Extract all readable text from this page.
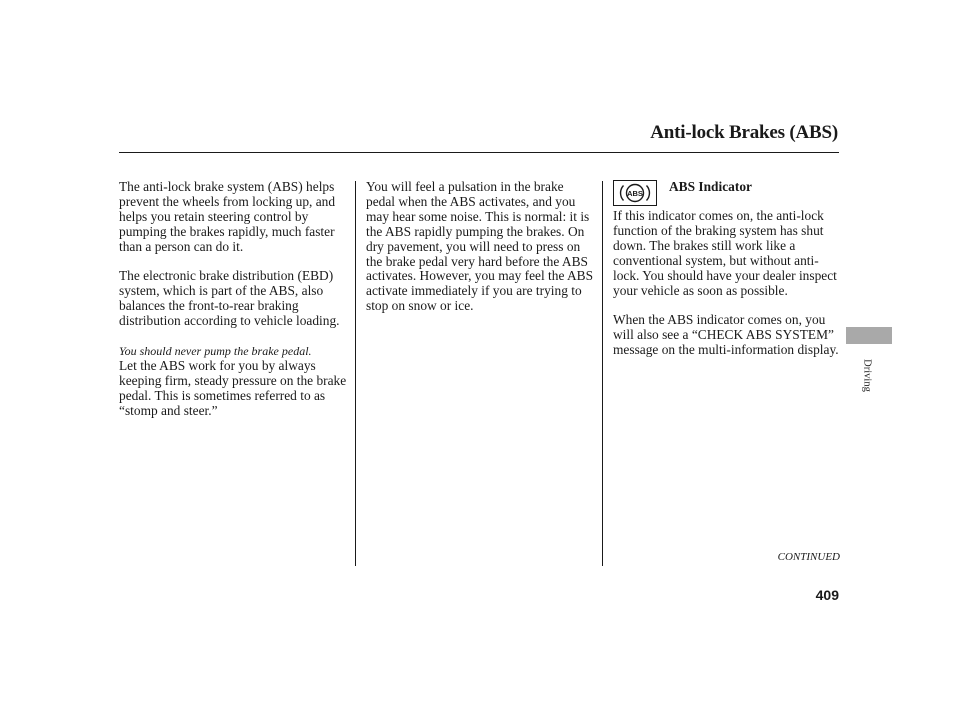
Anti-lock Brakes (ABS)

The anti-lock brake system (ABS) helps prevent the wheels from locking up, and helps you retain steering control by pumping the brakes rapidly, much faster than a person can do it.

The electronic brake distribution (EBD) system, which is part of the ABS, also balances the front-to-rear braking distribution according to vehicle loading.

You should never pump the brake pedal.
Let the ABS work for you by always keeping firm, steady pressure on the brake pedal. This is sometimes referred to as “stomp and steer.”

You will feel a pulsation in the brake pedal when the ABS activates, and you may hear some noise. This is normal: it is the ABS rapidly pumping the brakes. On dry pavement, you will need to press on the brake pedal very hard before the ABS activates. However, you may feel the ABS activate immediately if you are trying to stop on snow or ice.

ABS ABS Indicator

If this indicator comes on, the anti-lock function of the braking system has shut down. The brakes still work like a conventional system, but without anti-lock. You should have your dealer inspect your vehicle as soon as possible.

When the ABS indicator comes on, you will also see a “CHECK ABS SYSTEM” message on the multi-information display.

Driving
CONTINUED
409
